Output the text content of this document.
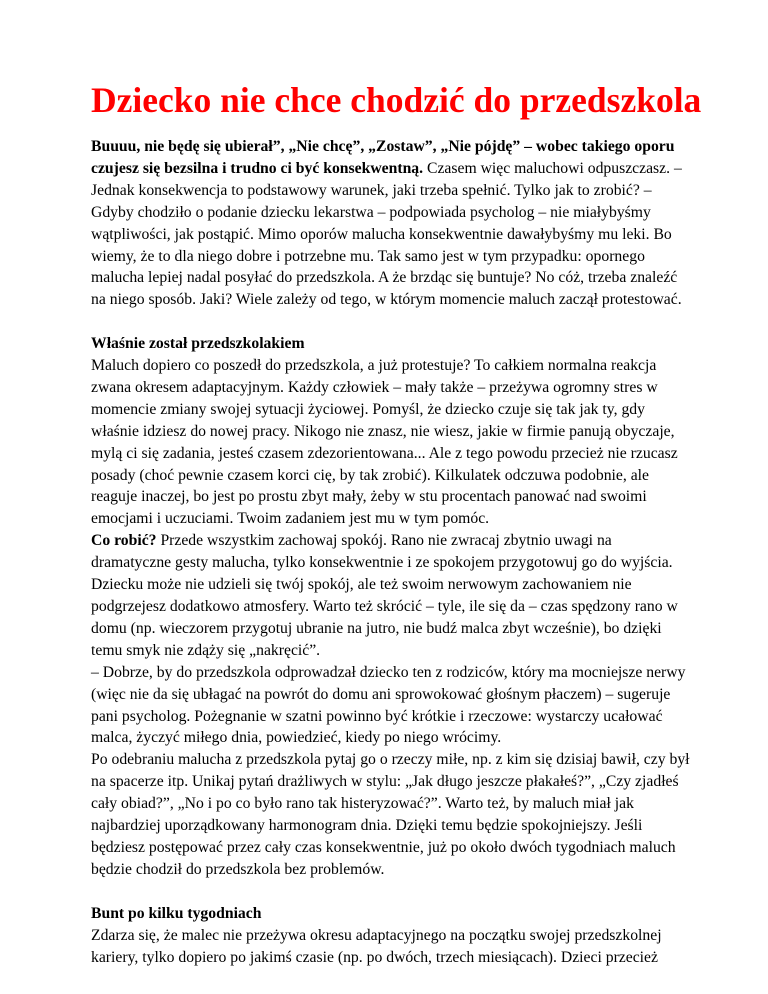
Dziecko nie chce chodzić do przedszkola

Buuuu, nie będę się ubierał”, „Nie chcę”, „Zostaw”, „Nie pójdę” – wobec takiego oporu czujesz się bezsilna i trudno ci być konsekwentną. Czasem więc maluchowi odpuszczasz. – Jednak konsekwencja to podstawowy warunek, jaki trzeba spełnić. Tylko jak to zrobić? – Gdyby chodziło o podanie dziecku lekarstwa – podpowiada psycholog – nie miałybyśmy wątpliwości, jak postąpić. Mimo oporów malucha konsekwentnie dawałybyśmy mu leki. Bo wiemy, że to dla niego dobre i potrzebne mu. Tak samo jest w tym przypadku: opornego malucha lepiej nadal posyłać do przedszkola. A że brzdąc się buntuje? No cóż, trzeba znaleźć na niego sposób. Jaki? Wiele zależy od tego, w którym momencie maluch zaczął protestować.

Właśnie został przedszkolakiem

Maluch dopiero co poszedł do przedszkola, a już protestuje? To całkiem normalna reakcja zwana okresem adaptacyjnym. Każdy człowiek – mały także – przeżywa ogromny stres w momencie zmiany swojej sytuacji życiowej. Pomyśl, że dziecko czuje się tak jak ty, gdy właśnie idziesz do nowej pracy. Nikogo nie znasz, nie wiesz, jakie w firmie panują obyczaje, mylą ci się zadania, jesteś czasem zdezorientowana... Ale z tego powodu przecież nie rzucasz posady (choć pewnie czasem korci cię, by tak zrobić). Kilkulatek odczuwa podobnie, ale reaguje inaczej, bo jest po prostu zbyt mały, żeby w stu procentach panować nad swoimi emocjami i uczuciami. Twoim zadaniem jest mu w tym pomóc.

Co robić? Przede wszystkim zachowaj spokój. Rano nie zwracaj zbytnio uwagi na dramatyczne gesty malucha, tylko konsekwentnie i ze spokojem przygotowuj go do wyjścia. Dziecku może nie udzieli się twój spokój, ale też swoim nerwowym zachowaniem nie podgrzejesz dodatkowo atmosfery. Warto też skrócić – tyle, ile się da – czas spędzony rano w domu (np. wieczorem przygotuj ubranie na jutro, nie budź malca zbyt wcześnie), bo dzięki temu smyk nie zdąży się „nakręcić”.

– Dobrze, by do przedszkola odprowadzał dziecko ten z rodziców, który ma mocniejsze nerwy (więc nie da się ubłagać na powrót do domu ani sprowokować głośnym płaczem) – sugeruje pani psycholog. Pożegnanie w szatni powinno być krótkie i rzeczowe: wystarczy ucałować malca, życzyć miłego dnia, powiedzieć, kiedy po niego wrócimy.

Po odebraniu malucha z przedszkola pytaj go o rzeczy miłe, np. z kim się dzisiaj bawił, czy był na spacerze itp. Unikaj pytań drażliwych w stylu: „Jak długo jeszcze płakałeś?”, „Czy zjadłeś cały obiad?”, „No i po co było rano tak histeryzować?”. Warto też, by maluch miał jak najbardziej uporządkowany harmonogram dnia. Dzięki temu będzie spokojniejszy. Jeśli będziesz postępować przez cały czas konsekwentnie, już po około dwóch tygodniach maluch będzie chodził do przedszkola bez problemów.

Bunt po kilku tygodniach

Zdarza się, że malec nie przeżywa okresu adaptacyjnego na początku swojej przedszkolnej kariery, tylko dopiero po jakimś czasie (np. po dwóch, trzech miesiącach). Dzieci przecież
